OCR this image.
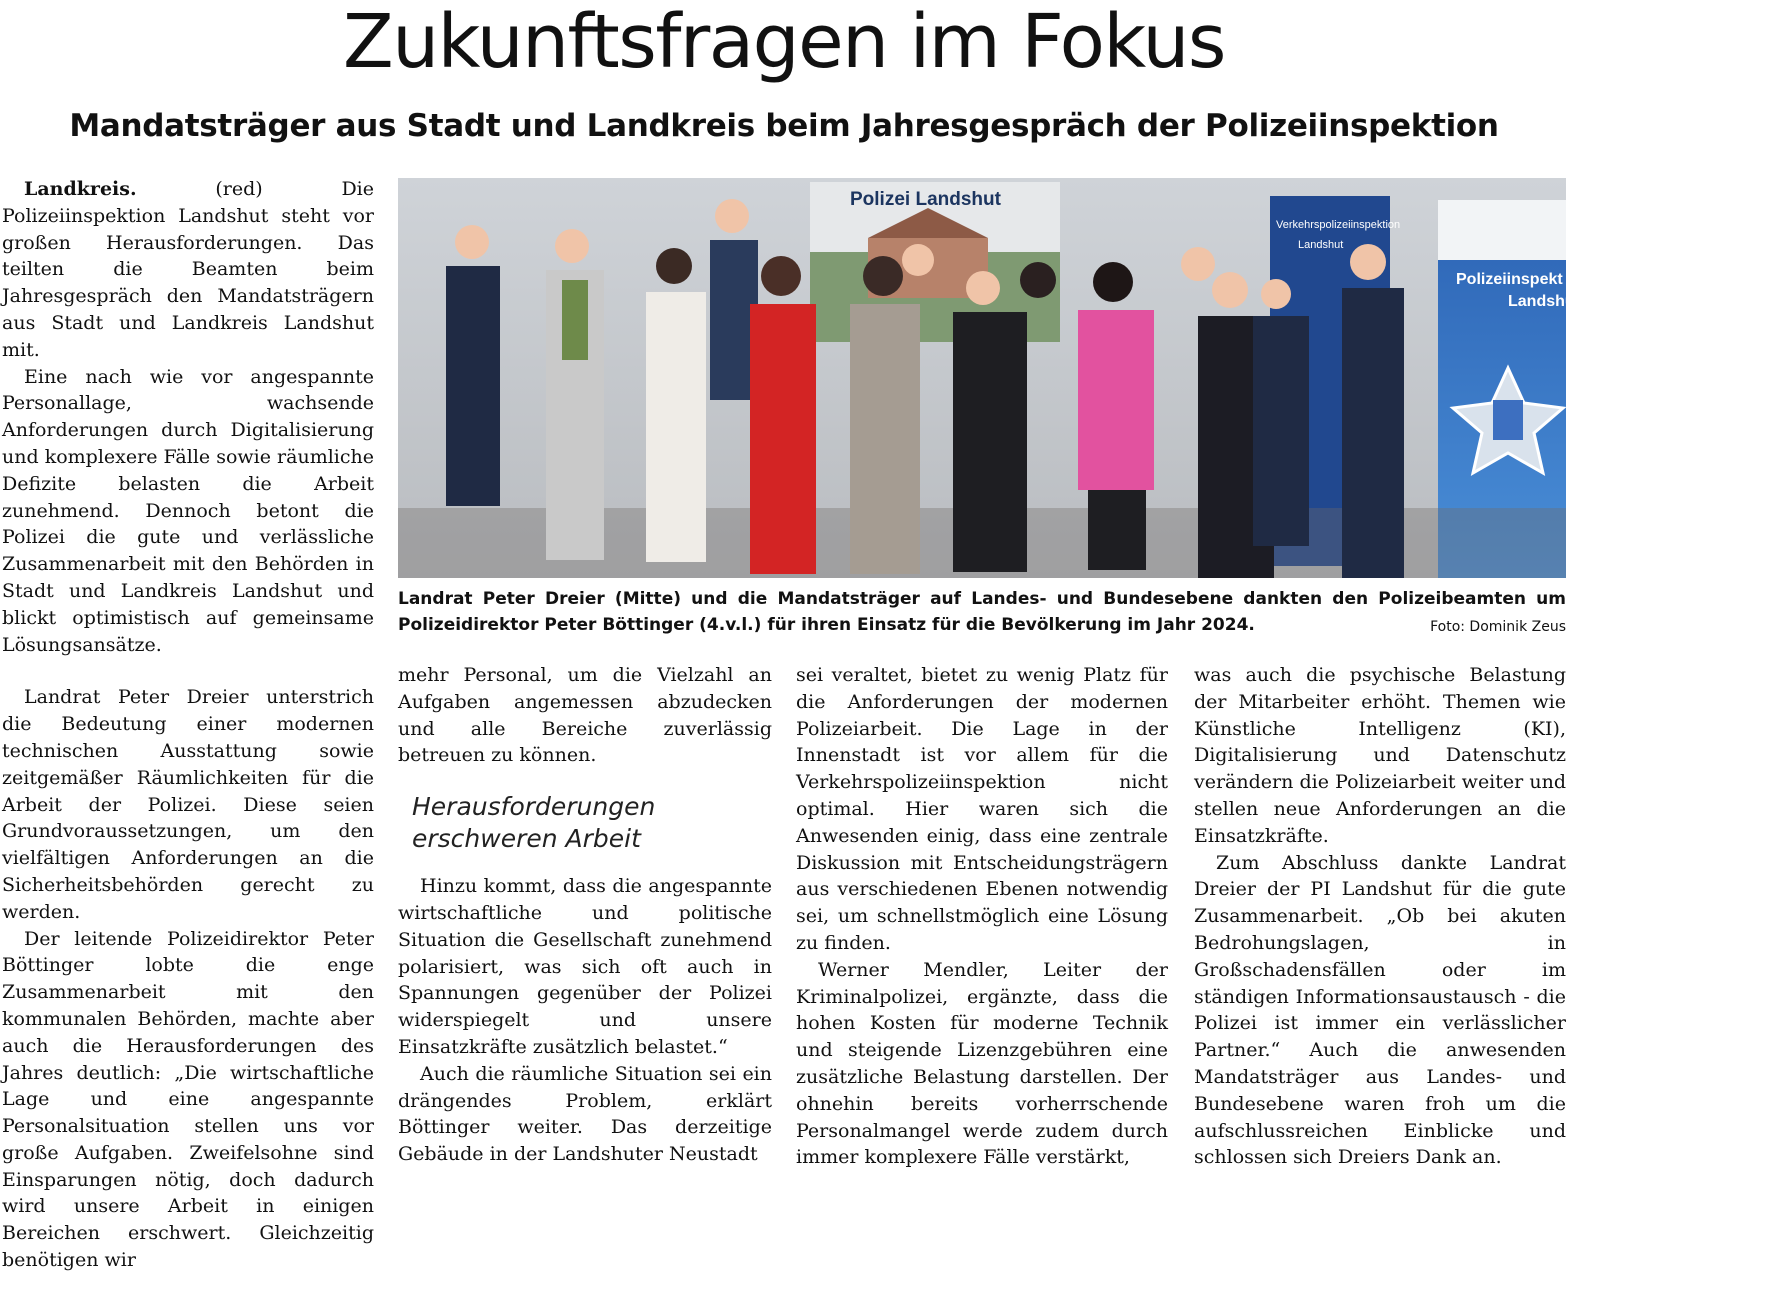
Zukunftsfragen im Fokus
Mandatsträger aus Stadt und Landkreis beim Jahresgespräch der Polizeiinspektion

Landkreis. (red) Die Polizeiinspektion Landshut steht vor großen Herausforderungen. Das teilten die Beamten beim Jahresgespräch den Mandatsträgern aus Stadt und Landkreis Landshut mit.

Eine nach wie vor angespannte Personallage, wachsende Anforderungen durch Digitalisierung und komplexere Fälle sowie räumliche Defizite belasten die Arbeit zunehmend. Dennoch betont die Polizei die gute und verlässliche Zusammenarbeit mit den Behörden in Stadt und Landkreis Landshut und blickt optimistisch auf gemeinsame Lösungsansätze.

Landrat Peter Dreier unterstrich die Bedeutung einer modernen technischen Ausstattung sowie zeitgemäßer Räumlichkeiten für die Arbeit der Polizei. Diese seien Grundvoraussetzungen, um den vielfältigen Anforderungen an die Sicherheitsbehörden gerecht zu werden.

Der leitende Polizeidirektor Peter Böttinger lobte die enge Zusammenarbeit mit den kommunalen Behörden, machte aber auch die Herausforderungen des Jahres deutlich: „Die wirtschaftliche Lage und eine angespannte Personalsituation stellen uns vor große Aufgaben. Zweifelsohne sind Einsparungen nötig, doch dadurch wird unsere Arbeit in einigen Bereichen erschwert. Gleichzeitig benötigen wir

Polizei Landshut
Verkehrspolizeiinspektion
Landshut
Polizeiinspekt
Landshut
Landrat Peter Dreier (Mitte) und die Mandatsträger auf Landes- und Bundesebene dankten den Polizeibeamten um Polizeidirektor Peter Böttinger (4.v.l.) für ihren Einsatz für die Bevölkerung im Jahr 2024.	Foto: Dominik Zeus

mehr Personal, um die Vielzahl an Aufgaben angemessen abzudecken und alle Bereiche zuverlässig betreuen zu können.

Herausforderungen
erschweren Arbeit

Hinzu kommt, dass die angespannte wirtschaftliche und politische Situation die Gesellschaft zunehmend polarisiert, was sich oft auch in Spannungen gegenüber der Polizei widerspiegelt und unsere Einsatzkräfte zusätzlich belastet.“

Auch die räumliche Situation sei ein drängendes Problem, erklärt Böttinger weiter. Das derzeitige Gebäude in der Landshuter Neustadt

sei veraltet, bietet zu wenig Platz für die Anforderungen der modernen Polizeiarbeit. Die Lage in der Innenstadt ist vor allem für die Verkehrspolizeiinspektion nicht optimal. Hier waren sich die Anwesenden einig, dass eine zentrale Diskussion mit Entscheidungsträgern aus verschiedenen Ebenen notwendig sei, um schnellstmöglich eine Lösung zu finden.

Werner Mendler, Leiter der Kriminalpolizei, ergänzte, dass die hohen Kosten für moderne Technik und steigende Lizenzgebühren eine zusätzliche Belastung darstellen. Der ohnehin bereits vorherrschende Personalmangel werde zudem durch immer komplexere Fälle verstärkt,

was auch die psychische Belastung der Mitarbeiter erhöht. Themen wie Künstliche Intelligenz (KI), Digitalisierung und Datenschutz verändern die Polizeiarbeit weiter und stellen neue Anforderungen an die Einsatzkräfte.

Zum Abschluss dankte Landrat Dreier der PI Landshut für die gute Zusammenarbeit. „Ob bei akuten Bedrohungslagen, in Großschadensfällen oder im ständigen Informationsaustausch - die Polizei ist immer ein verlässlicher Partner.“ Auch die anwesenden Mandatsträger aus Landes- und Bundesebene waren froh um die aufschlussreichen Einblicke und schlossen sich Dreiers Dank an.
